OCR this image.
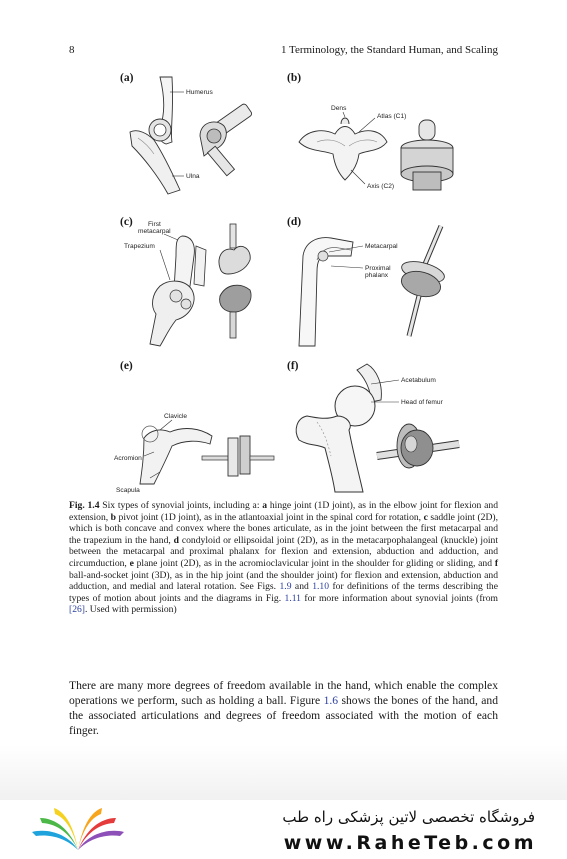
8	1 Terminology, the Standard Human, and Scaling
(a)
Humerus
Ulna
(b)
Dens
Atlas (C1)
Axis (C2)
(c)	First metacarpal
Trapezium
(d)
Metacarpal
Proximal phalanx
(e)
Clavicle
Acromion
Scapula
(f)
Acetabulum
Head of femur
Fig. 1.4 Six types of synovial joints, including a: a hinge joint (1D joint), as in the elbow joint for flexion and extension, b pivot joint (1D joint), as in the atlantoaxial joint in the spinal cord for rotation, c saddle joint (2D), which is both concave and convex where the bones articulate, as in the joint between the first metacarpal and the trapezium in the hand, d condyloid or ellipsoidal joint (2D), as in the metacarpophalangeal (knuckle) joint between the metacarpal and proximal phalanx for flexion and extension, abduction and adduction, and circumduction, e plane joint (2D), as in the acromioclavicular joint in the shoulder for gliding or sliding, and f ball-and-socket joint (3D), as in the hip joint (and the shoulder joint) for flexion and extension, abduction and adduction, and medial and lateral rotation. See Figs. 1.9 and 1.10 for definitions of the terms describing the types of motion about joints and the diagrams in Fig. 1.11 for more information about synovial joints (from [26]. Used with permission)
There are many more degrees of freedom available in the hand, which enable the complex operations we perform, such as holding a ball. Figure 1.6 shows the bones of the hand, and the associated articulations and degrees of freedom associated with the motion of each finger.
فروشگاه تخصصی لاتین پزشکی راه طب
www.RaheTeb.com
